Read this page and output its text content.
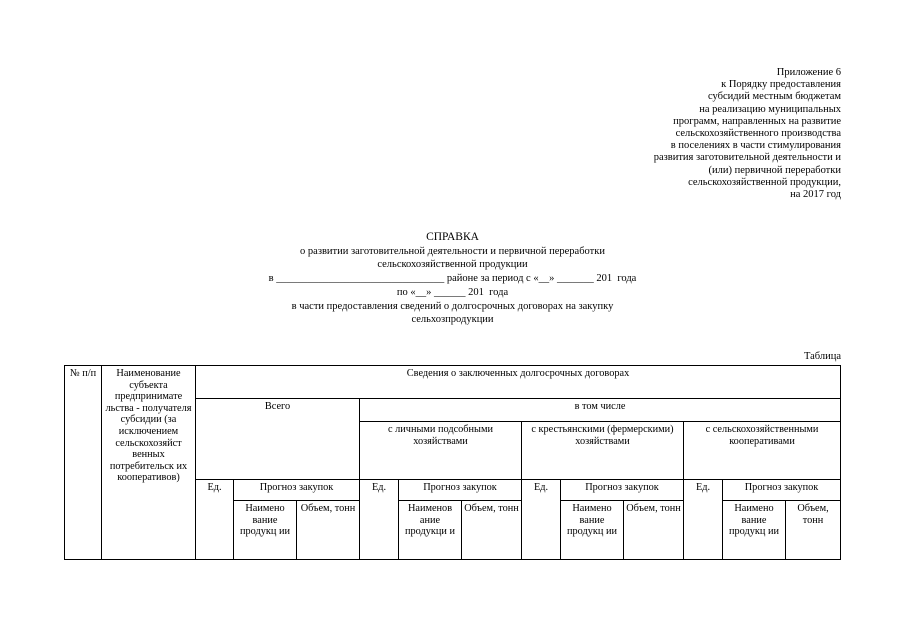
Приложение 6
к Порядку предоставления
субсидий местным бюджетам
на реализацию муниципальных
программ, направленных на развитие
сельскохозяйственного производства
в поселениях в части стимулирования
развития заготовительной деятельности и
(или) первичной переработки
сельскохозяйственной продукции,
на 2017 год
СПРАВКА
о развитии заготовительной деятельности и первичной переработки
сельскохозяйственной продукции
в ________________________________ районе за период с «__» _______ 201  года
по «__» ______ 201  года
в части предоставления сведений о долгосрочных договорах на закупку
сельхозпродукции
Таблица
№ п/п	Наименование субъекта предпринимате льства - получателя субсидии (за исключением сельскохозяйст венных потребительск их кооперативов)	Сведения о заключенных долгосрочных договорах											
		Всего			в том числе								
					с личными подсобными хозяйствами			с крестьянскими (фермерскими) хозяйствами			с сельскохозяйственными кооперативами		
		Ед.	Прогноз закупок		Ед.	Прогноз закупок		Ед.	Прогноз закупок		Ед.	Прогноз закупок	
			Наимено вание продукц ии	Объем, тонн		Наименов ание продукци и	Объем, тонн		Наимено вание продукц ии	Объем, тонн		Наимено вание продукц ии	Объем, тонн
